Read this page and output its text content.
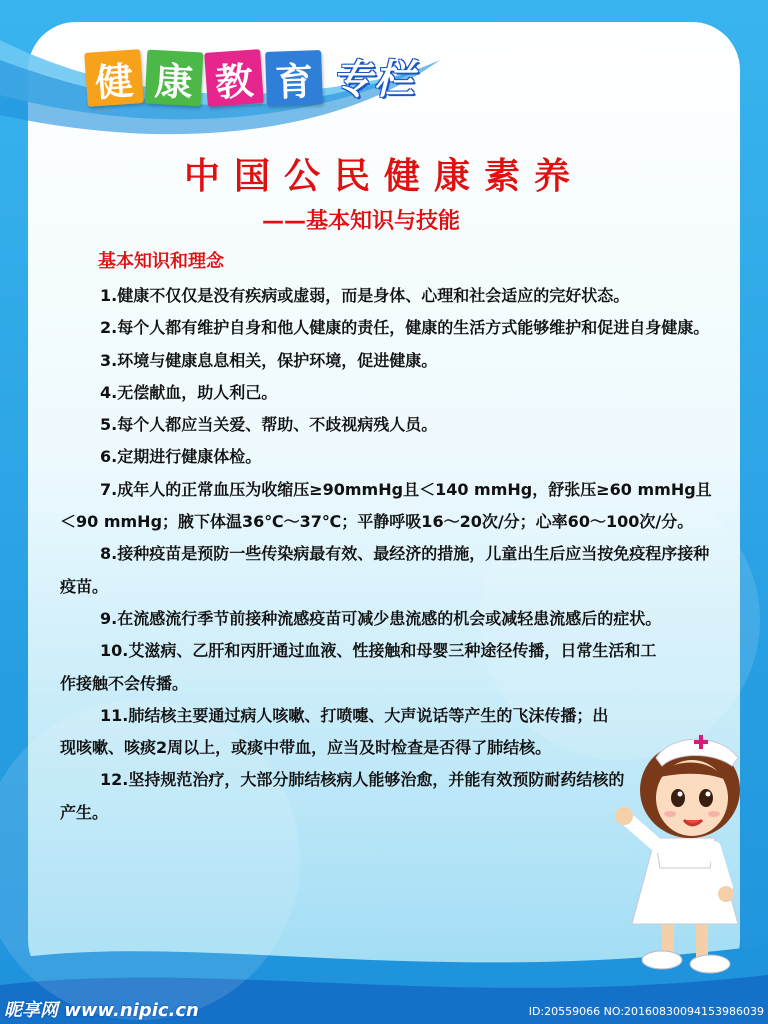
健 康 教 育 专栏
中国公民健康素养
——基本知识与技能
基本知识和理念

1.健康不仅仅是没有疾病或虚弱，而是身体、心理和社会适应的完好状态。

2.每个人都有维护自身和他人健康的责任，健康的生活方式能够维护和促进自身健康。

3.环境与健康息息相关，保护环境，促进健康。

4.无偿献血，助人利己。

5.每个人都应当关爱、帮助、不歧视病残人员。

6.定期进行健康体检。

7.成年人的正常血压为收缩压≥90mmHg且＜140 mmHg，舒张压≥60 mmHg且＜90 mmHg；腋下体温36℃～37℃；平静呼吸16～20次/分；心率60～100次/分。

8.接种疫苗是预防一些传染病最有效、最经济的措施，儿童出生后应当按免疫程序接种疫苗。

9.在流感流行季节前接种流感疫苗可减少患流感的机会或减轻患流感后的症状。

10.艾滋病、乙肝和丙肝通过血液、性接触和母婴三种途径传播，日常生活和工作接触不会传播。

11.肺结核主要通过病人咳嗽、打喷嚏、大声说话等产生的飞沫传播；出现咳嗽、咳痰2周以上，或痰中带血，应当及时检查是否得了肺结核。

12.坚持规范治疗，大部分肺结核病人能够治愈，并能有效预防耐药结核的产生。

昵享网 www.nipic.cn	ID:20559066 NO:20160830094153986039
